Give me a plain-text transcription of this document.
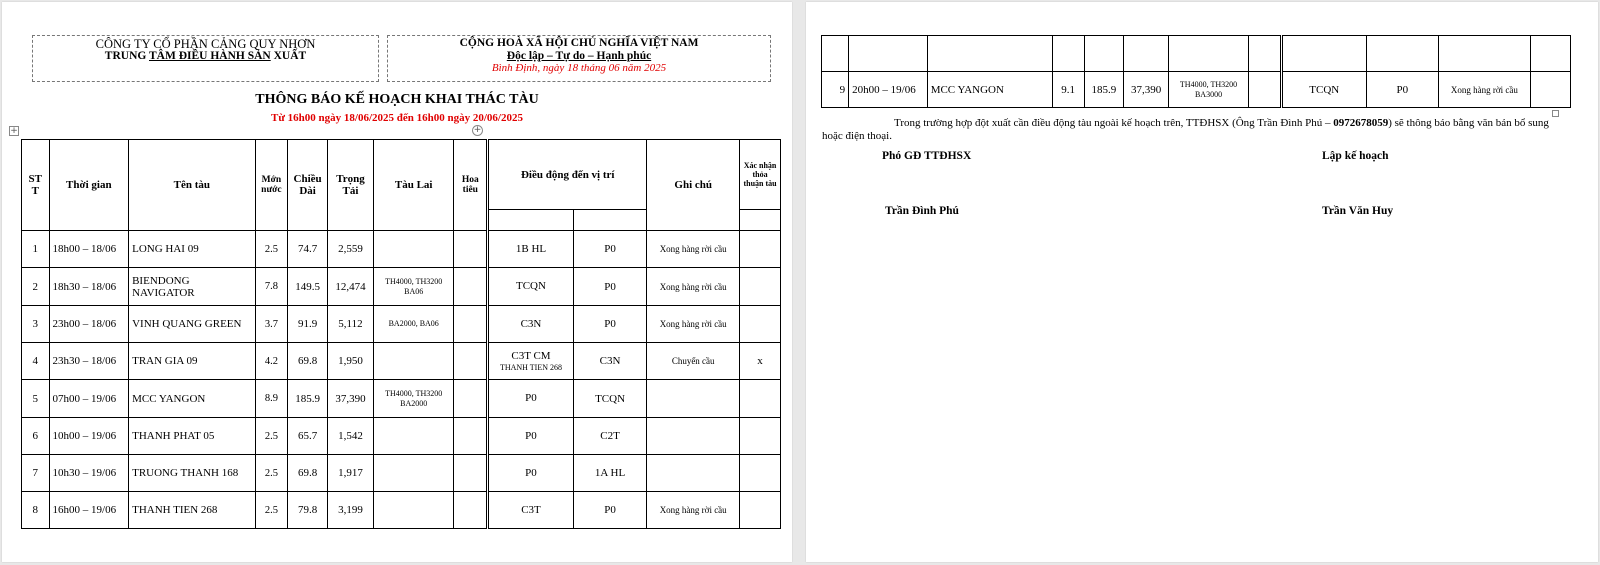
CÔNG TY CỔ PHẦN CẢNG QUY NHƠN
TRUNG TÂM ĐIỀU HÀNH SẢN XUẤT
CỘNG HOÀ XÃ HỘI CHỦ NGHĨA VIỆT NAM
Độc lập – Tự do – Hạnh phúc
Bình Định, ngày 18 tháng 06 năm 2025
THÔNG BÁO KẾ HOẠCH KHAI THÁC TÀU
Từ 16h00 ngày 18/06/2025 đến 16h00 ngày 20/06/2025
+	+
ST T	Thời gian	Tên tàu	Mớn nước	Chiều Dài	Trọng Tải	Tàu Lai	Hoa tiêu	Điều động đến vị trí		Ghi chú	Xác nhận thỏa thuận tàu

1	18h00 – 18/06	LONG HAI 09	2.5	74.7	2,559			1B HL	P0	Xong hàng rời cầu	
2	18h30 – 18/06	BIENDONG NAVIGATOR	7.8	149.5	12,474	TH4000, TH3200
BA06		TCQN	P0	Xong hàng rời cầu	
3	23h00 – 18/06	VINH QUANG GREEN	3.7	91.9	5,112	BA2000, BA06		C3N	P0	Xong hàng rời cầu	
4	23h30 – 18/06	TRAN GIA 09	4.2	69.8	1,950			C3T CM
THANH TIEN 268	C3N	Chuyển cầu	x
5	07h00 – 19/06	MCC YANGON	8.9	185.9	37,390	TH4000, TH3200
BA2000		P0	TCQN		
6	10h00 – 19/06	THANH PHAT 05	2.5	65.7	1,542			P0	C2T		
7	10h30 – 19/06	TRUONG THANH 168	2.5	69.8	1,917			P0	1A HL		
8	16h00 – 19/06	THANH TIEN 268	2.5	79.8	3,199			C3T	P0	Xong hàng rời cầu	

9	20h00 – 19/06	MCC YANGON	9.1	185.9	37,390	TH4000, TH3200
BA3000		TCQN	P0	Xong hàng rời cầu	
Trong trường hợp đột xuất cần điều động tàu ngoài kế hoạch trên, TTĐHSX (Ông Trần Đình Phú – 0972678059) sẽ thông báo bằng văn bản bổ sung hoặc điện thoại.
Phó GĐ TTĐHSX	Lập kế hoạch
Trần Đình Phú	Trần Văn Huy
